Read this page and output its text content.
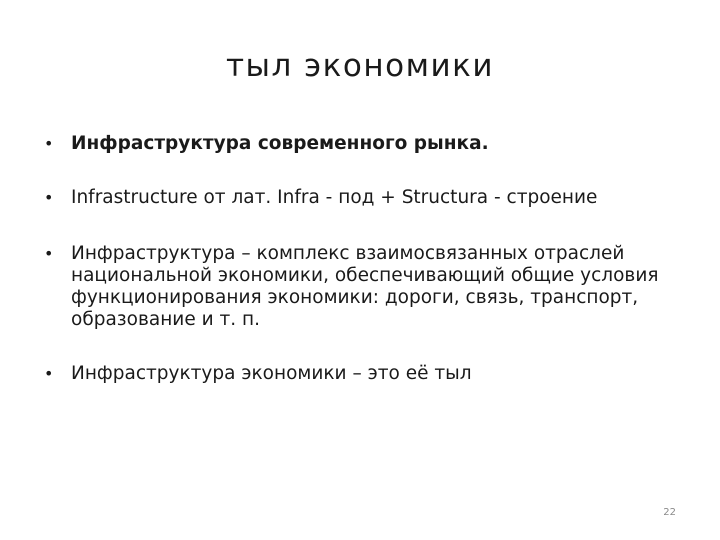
тыл экономики
• Инфраструктура современного рынка.
• Infrastructure от лат. Infra - под + Structura - строение
• Инфраструктура – комплекс взаимосвязанных отраслей национальной экономики, обеспечивающий общие условия функционирования экономики: дороги, связь, транспорт, образование и т. п.
• Инфраструктура экономики – это её тыл
22
